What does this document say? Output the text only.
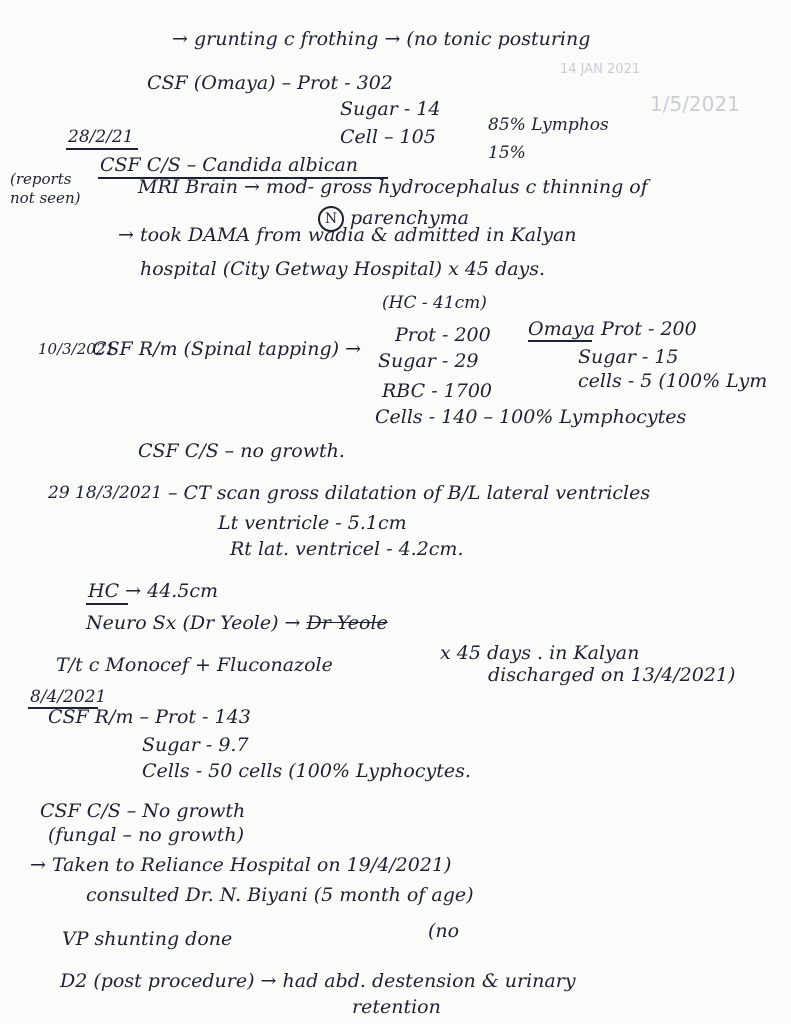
1/5/2021
14 JAN 2021
→ grunting c frothing → (no tonic posturing
CSF (Omaya) – Prot - 302
Sugar - 14
Cell – 105
85% Lymphos
15%
28/2/21
(reports not seen)
CSF C/S – Candida albican
MRI Brain → mod- gross hydrocephalus c thinning of
N parenchyma
→ took DAMA from wadia & admitted in Kalyan
hospital (City Getway Hospital) x 45 days.
(HC - 41cm)
10/3/2021
CSF R/m (Spinal tapping) →
Prot - 200 Omaya Prot - 200
Sugar - 29	Sugar - 15
RBC - 1700	cells - 5 (100% Lym
Cells - 140 – 100% Lymphocytes
CSF C/S – no growth.
29 18/3/2021 – CT scan gross dilatation of B/L lateral ventricles
Lt ventricle - 5.1cm
Rt lat. ventricel - 4.2cm.
HC → 44.5cm
Neuro Sx (Dr Yeole) → Dr Yeole
T/t c Monocef + Fluconazole
x 45 days . in Kalyan
discharged on 13/4/2021)
8/4/2021
CSF R/m – Prot - 143
Sugar - 9.7
Cells - 50 cells (100% Lyphocytes.
CSF C/S – No growth
(fungal – no growth)
→ Taken to Reliance Hospital on 19/4/2021)
consulted Dr. N. Biyani (5 month of age)
VP shunting done	(no
D2 (post procedure) → had abd. destension & urinary
retention
